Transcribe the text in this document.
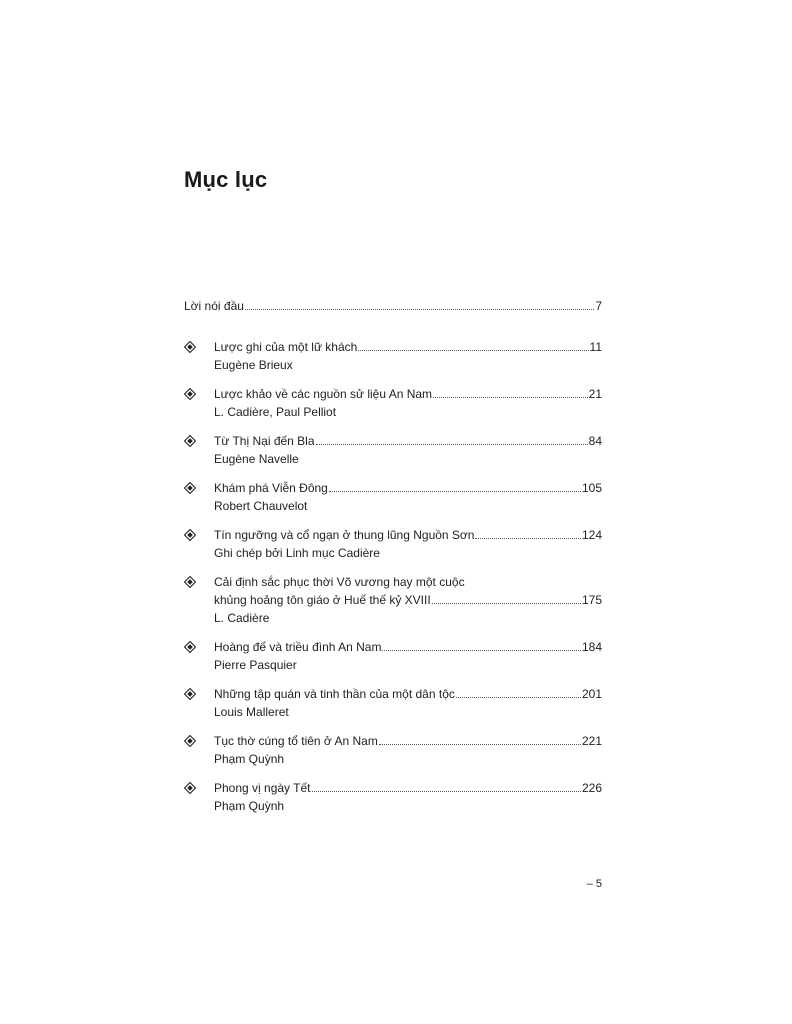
Mục lục
Lời nói đầu	7
Lược ghi của một lữ khách	11
Eugène Brieux
Lược khảo về các nguồn sử liệu An Nam	21
L. Cadière, Paul Pelliot
Từ Thị Nại đến Bla	84
Eugène Navelle
Khám phá Viễn Đông	105
Robert Chauvelot
Tín ngưỡng và cổ ngạn ở thung lũng Nguồn Sơn	124
Ghi chép bởi Linh mục Cadière
Cải định sắc phục thời Võ vương hay một cuộc
khủng hoảng tôn giáo ở Huế thế kỷ XVIII	175
L. Cadière
Hoàng đế và triều đình An Nam	184
Pierre Pasquier
Những tập quán và tinh thần của một dân tộc	201
Louis Malleret
Tục thờ cúng tổ tiên ở An Nam	221
Phạm Quỳnh
Phong vị ngày Tết	226
Phạm Quỳnh
– 5
